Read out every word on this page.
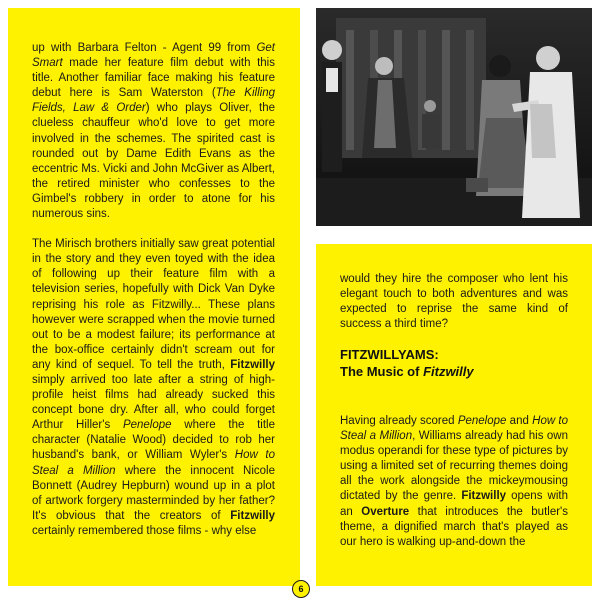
up with Barbara Felton - Agent 99 from Get Smart made her feature film debut with this title. Another familiar face making his feature debut here is Sam Waterston (The Killing Fields, Law & Order) who plays Oliver, the clueless chauffeur who'd love to get more involved in the schemes. The spirited cast is rounded out by Dame Edith Evans as the eccentric Ms. Vicki and John McGiver as Albert, the retired minister who confesses to the Gimbel's robbery in order to atone for his numerous sins.

The Mirisch brothers initially saw great potential in the story and they even toyed with the idea of following up their feature film with a television series, hopefully with Dick Van Dyke reprising his role as Fitzwilly... These plans however were scrapped when the movie turned out to be a modest failure; its performance at the box-office certainly didn't scream out for any kind of sequel. To tell the truth, Fitzwilly simply arrived too late after a string of high-profile heist films had already sucked this concept bone dry. After all, who could forget Arthur Hiller's Penelope where the title character (Natalie Wood) decided to rob her husband's bank, or William Wyler's How to Steal a Million where the innocent Nicole Bonnett (Audrey Hepburn) wound up in a plot of artwork forgery masterminded by her father? It's obvious that the creators of Fitzwilly certainly remembered those films - why else

would they hire the composer who lent his elegant touch to both adventures and was expected to reprise the same kind of success a third time?

FITZWILLYAMS:
The Music of Fitzwilly

Having already scored Penelope and How to Steal a Million, Williams already had his own modus operandi for these type of pictures by using a limited set of recurring themes doing all the work alongside the mickeymousing dictated by the genre. Fitzwilly opens with an Overture that introduces the butler's theme, a dignified march that's played as our hero is walking up-and-down the

6
